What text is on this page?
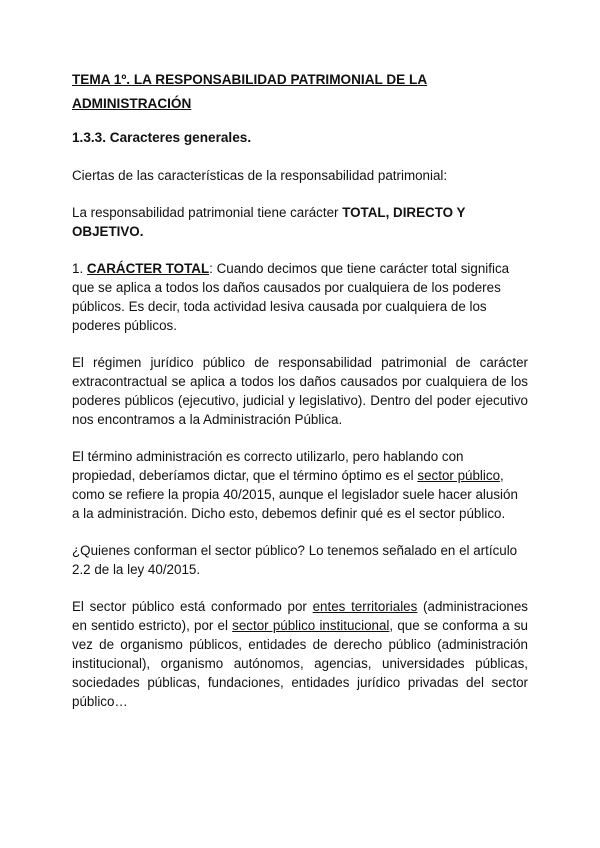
TEMA 1º. LA RESPONSABILIDAD PATRIMONIAL DE LA
ADMINISTRACIÓN
1.3.3. Caracteres generales.

Ciertas de las características de la responsabilidad patrimonial:

La responsabilidad patrimonial tiene carácter TOTAL, DIRECTO Y OBJETIVO.

1. CARÁCTER TOTAL: Cuando decimos que tiene carácter total significa que se aplica a todos los daños causados por cualquiera de los poderes públicos. Es decir, toda actividad lesiva causada por cualquiera de los poderes públicos.

El régimen jurídico público de responsabilidad patrimonial de carácter extracontractual se aplica a todos los daños causados por cualquiera de los poderes públicos (ejecutivo, judicial y legislativo). Dentro del poder ejecutivo nos encontramos a la Administración Pública.

El término administración es correcto utilizarlo, pero hablando con propiedad, deberíamos dictar, que el término óptimo es el sector público, como se refiere la propia 40/2015, aunque el legislador suele hacer alusión a la administración. Dicho esto, debemos definir qué es el sector público.

¿Quienes conforman el sector público? Lo tenemos señalado en el artículo 2.2 de la ley 40/2015.

El sector público está conformado por entes territoriales (administraciones en sentido estricto), por el sector público institucional, que se conforma a su vez de organismo públicos, entidades de derecho público (administración institucional), organismo autónomos, agencias, universidades públicas, sociedades públicas, fundaciones, entidades jurídico privadas del sector público…
